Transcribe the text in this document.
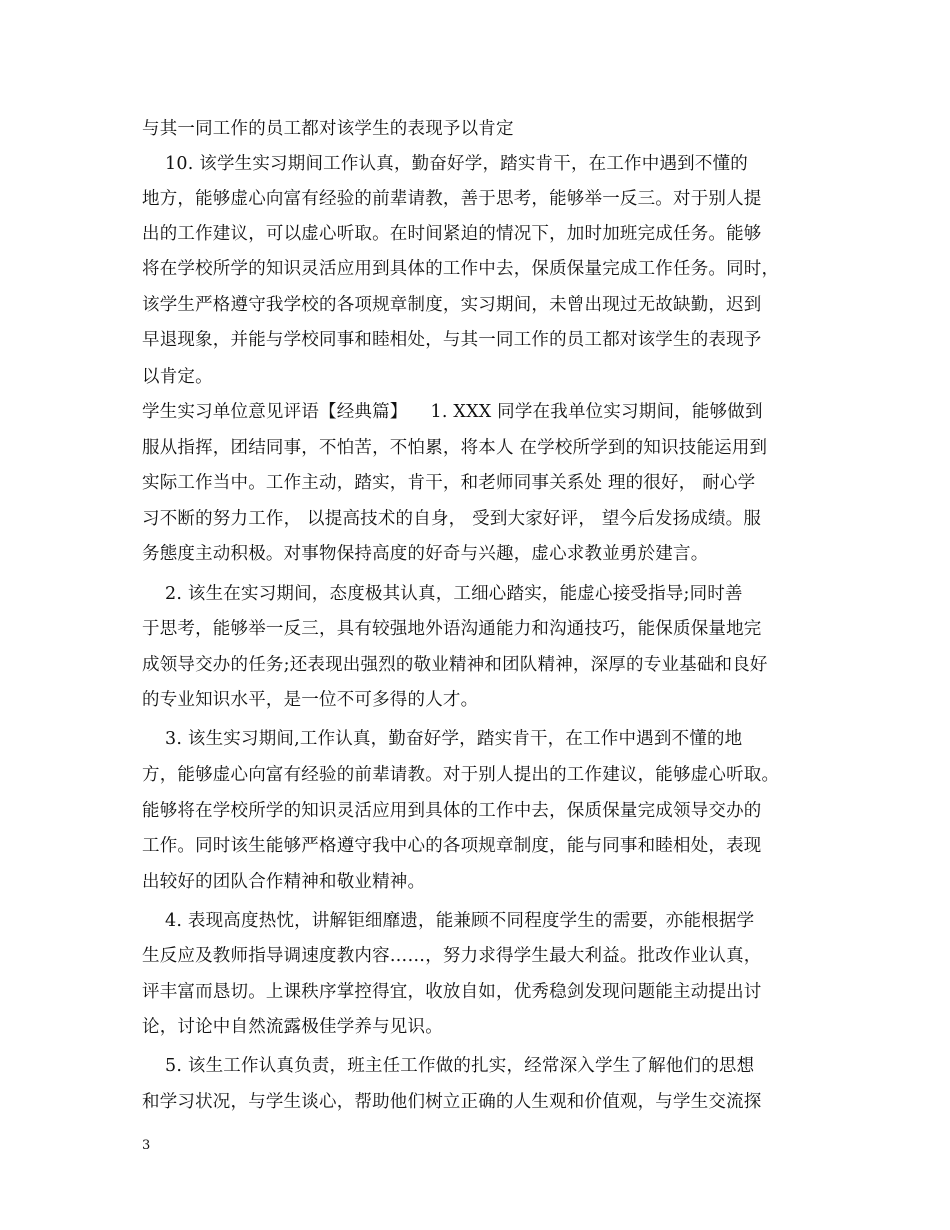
与其一同工作的员工都对该学生的表现予以肯定
10. 该学生实习期间工作认真，勤奋好学，踏实肯干，在工作中遇到不懂的
地方，能够虚心向富有经验的前辈请教，善于思考，能够举一反三。对于别人提
出的工作建议，可以虚心听取。在时间紧迫的情况下，加时加班完成任务。能够
将在学校所学的知识灵活应用到具体的工作中去，保质保量完成工作任务。同时，
该学生严格遵守我学校的各项规章制度，实习期间，未曾出现过无故缺勤，迟到
早退现象，并能与学校同事和睦相处，与其一同工作的员工都对该学生的表现予
以肯定。
学生实习单位意见评语【经典篇】    1. XXX 同学在我单位实习期间，能够做到
服从指挥，团结同事，不怕苦，不怕累，将本人 在学校所学到的知识技能运用到
实际工作当中。工作主动，踏实，肯干，和老师同事关系处 理的很好， 耐心学
习不断的努力工作， 以提高技术的自身， 受到大家好评， 望今后发扬成绩。服
务態度主动积极。对事物保持高度的好奇与兴趣，虚心求教並勇於建言。
2. 该生在实习期间，态度极其认真，工细心踏实，能虚心接受指导;同时善
于思考，能够举一反三，具有较强地外语沟通能力和沟通技巧，能保质保量地完
成领导交办的任务;还表现出强烈的敬业精神和团队精神，深厚的专业基础和良好
的专业知识水平，是一位不可多得的人才。
3. 该生实习期间,工作认真，勤奋好学，踏实肯干，在工作中遇到不懂的地
方，能够虚心向富有经验的前辈请教。对于别人提出的工作建议，能够虚心听取。
能够将在学校所学的知识灵活应用到具体的工作中去，保质保量完成领导交办的
工作。同时该生能够严格遵守我中心的各项规章制度，能与同事和睦相处，表现
出较好的团队合作精神和敬业精神。
4. 表现高度热忱，讲解钜细靡遗，能兼顾不同程度学生的需要，亦能根据学
生反应及教师指导调速度教内容……，努力求得学生最大利益。批改作业认真，
评丰富而恳切。上课秩序掌控得宜，收放自如，优秀稳剑发现问题能主动提出讨
论，讨论中自然流露极佳学养与见识。
5. 该生工作认真负责，班主任工作做的扎实，经常深入学生了解他们的思想
和学习状况，与学生谈心，帮助他们树立正确的人生观和价值观，与学生交流探
3
